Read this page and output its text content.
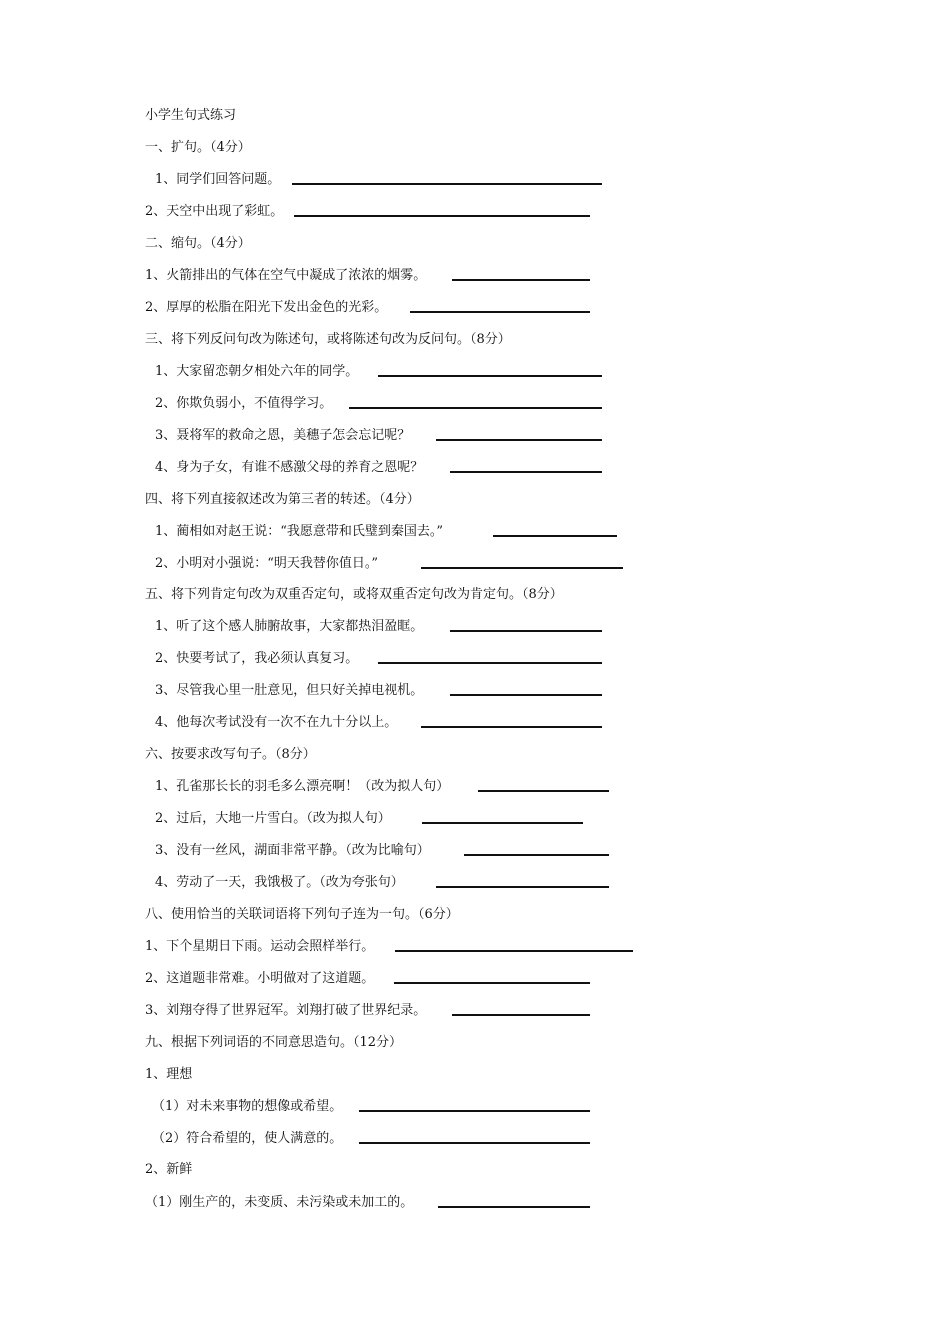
小学生句式练习
一、扩句。（4分）
1、同学们回答问题。
2、天空中出现了彩虹。
二、缩句。（4分）
1、火箭排出的气体在空气中凝成了浓浓的烟雾。
2、厚厚的松脂在阳光下发出金色的光彩。
三、将下列反问句改为陈述句，或将陈述句改为反问句。（8分）
1、大家留恋朝夕相处六年的同学。
2、你欺负弱小，不值得学习。
3、聂将军的救命之恩，美穗子怎会忘记呢？
4、身为子女，有谁不感激父母的养育之恩呢？
四、将下列直接叙述改为第三者的转述。（4分）
1、蔺相如对赵王说：“我愿意带和氏璧到秦国去。”
2、小明对小强说：“明天我替你值日。”
五、将下列肯定句改为双重否定句，或将双重否定句改为肯定句。（8分）
1、听了这个感人肺腑故事，大家都热泪盈眶。
2、快要考试了，我必须认真复习。
3、尽管我心里一肚意见，但只好关掉电视机。
4、他每次考试没有一次不在九十分以上。
六、按要求改写句子。（8分）
1、孔雀那长长的羽毛多么漂亮啊！（改为拟人句）
2、过后，大地一片雪白。（改为拟人句）
3、没有一丝风，湖面非常平静。（改为比喻句）
4、劳动了一天，我饿极了。（改为夸张句）
八、使用恰当的关联词语将下列句子连为一句。（6分）
1、下个星期日下雨。运动会照样举行。
2、这道题非常难。小明做对了这道题。
3、刘翔夺得了世界冠军。刘翔打破了世界纪录。
九、根据下列词语的不同意思造句。（12分）
1、理想
（1）对未来事物的想像或希望。
（2）符合希望的，使人满意的。
2、新鲜
（1）刚生产的，未变质、未污染或未加工的。
